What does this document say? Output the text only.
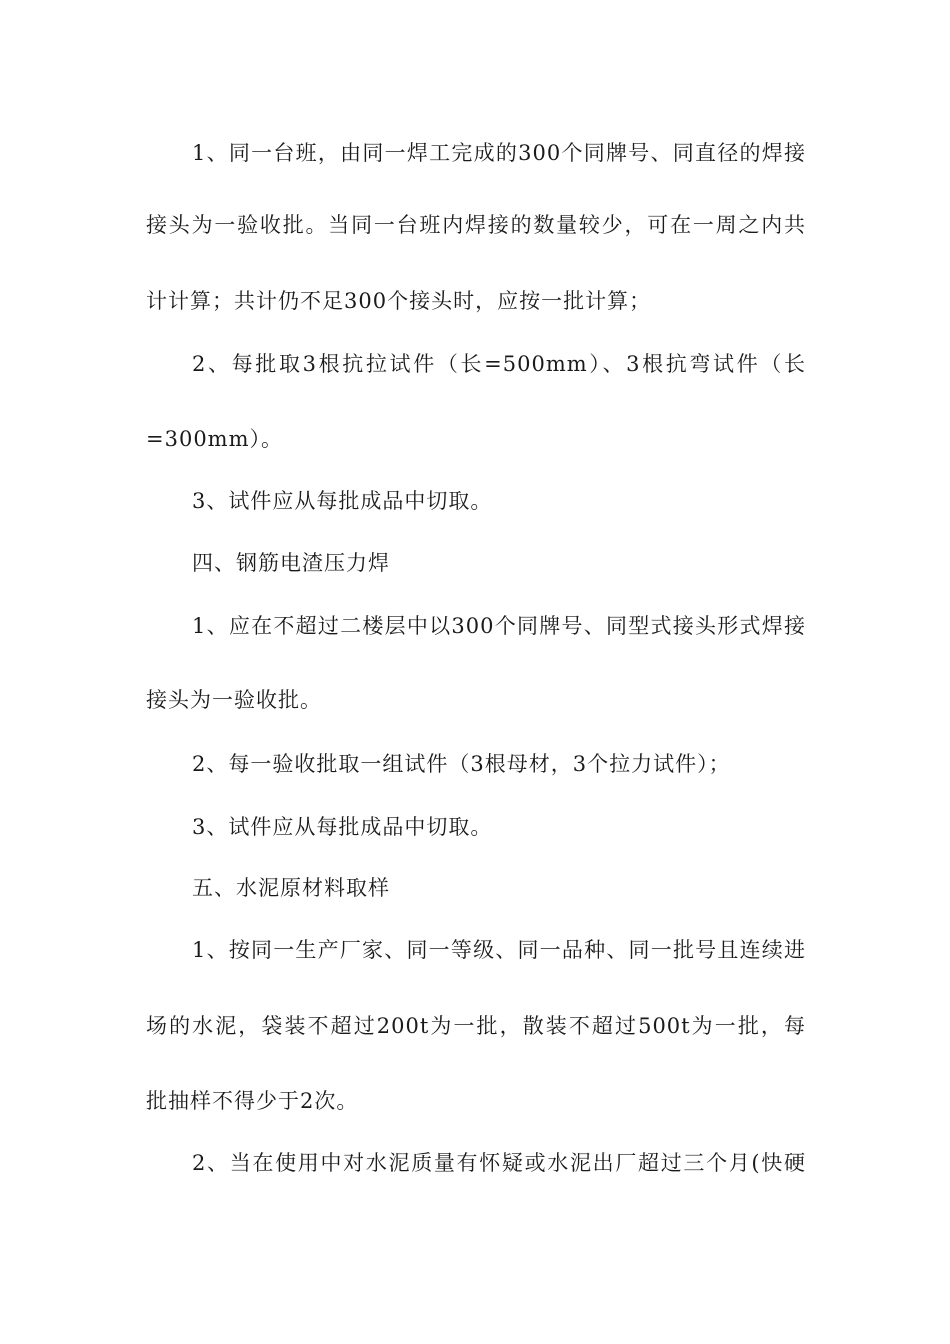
1、同一台班，由同一焊工完成的300个同牌号、同直径的焊接
接头为一验收批。当同一台班内焊接的数量较少，可在一周之内共
计计算；共计仍不足300个接头时，应按一批计算；
2、每批取3根抗拉试件（长=500mm）、3根抗弯试件（长
=300mm）。
3、试件应从每批成品中切取。
四、钢筋电渣压力焊
1、应在不超过二楼层中以300个同牌号、同型式接头形式焊接
接头为一验收批。
2、每一验收批取一组试件（3根母材，3个拉力试件）；
3、试件应从每批成品中切取。
五、水泥原材料取样
1、按同一生产厂家、同一等级、同一品种、同一批号且连续进
场的水泥，袋装不超过200t为一批，散装不超过500t为一批，每
批抽样不得少于2次。
2、当在使用中对水泥质量有怀疑或水泥出厂超过三个月(快硬
